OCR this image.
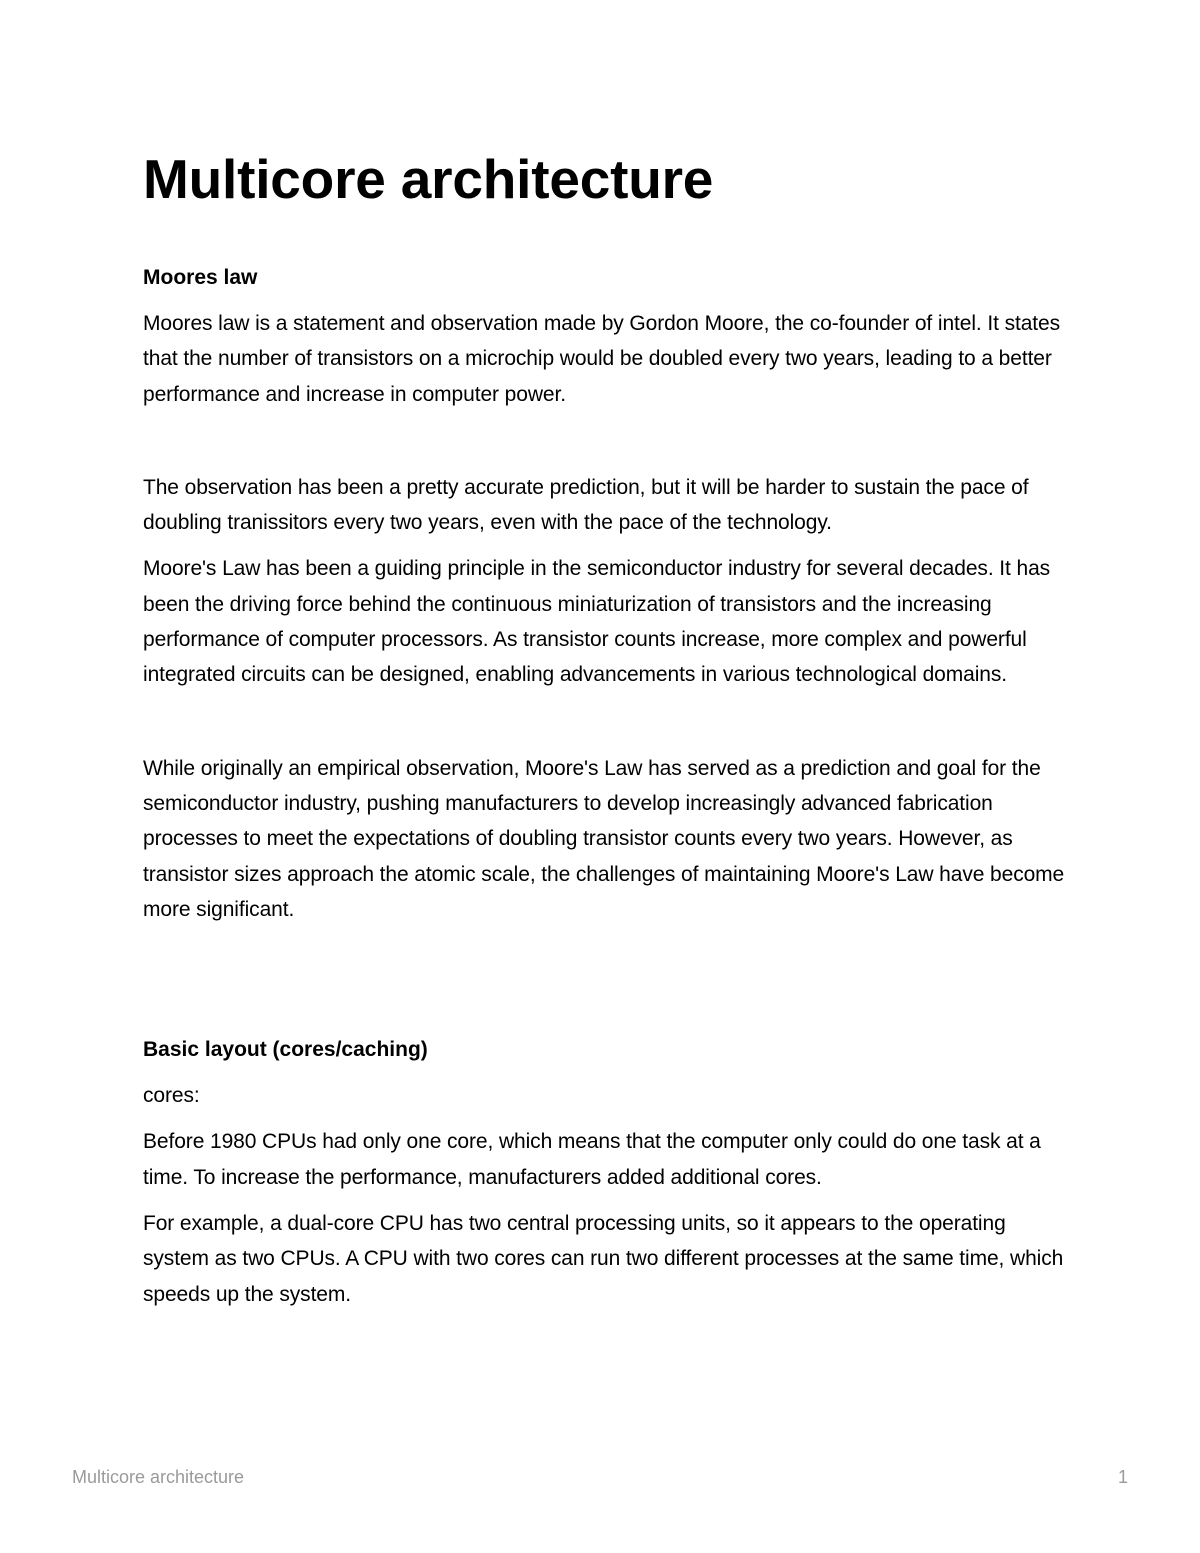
Multicore architecture
Moores law

Moores law is a statement and observation made by Gordon Moore, the co-founder of intel. It states that the number of transistors on a microchip would be doubled every two years, leading to a better performance and increase in computer power.

The observation has been a pretty accurate prediction, but it will be harder to sustain the pace of doubling tranissitors every two years, even with the pace of the technology.

Moore's Law has been a guiding principle in the semiconductor industry for several decades. It has been the driving force behind the continuous miniaturization of transistors and the increasing performance of computer processors. As transistor counts increase, more complex and powerful integrated circuits can be designed, enabling advancements in various technological domains.

While originally an empirical observation, Moore's Law has served as a prediction and goal for the semiconductor industry, pushing manufacturers to develop increasingly advanced fabrication processes to meet the expectations of doubling transistor counts every two years. However, as transistor sizes approach the atomic scale, the challenges of maintaining Moore's Law have become more significant.

Basic layout (cores/caching)

cores:

Before 1980 CPUs had only one core, which means that the computer only could do one task at a time. To increase the performance, manufacturers added additional cores.

For example, a dual-core CPU has two central processing units, so it appears to the operating system as two CPUs. A CPU with two cores can run two different processes at the same time, which speeds up the system.

Multicore architecture	1
